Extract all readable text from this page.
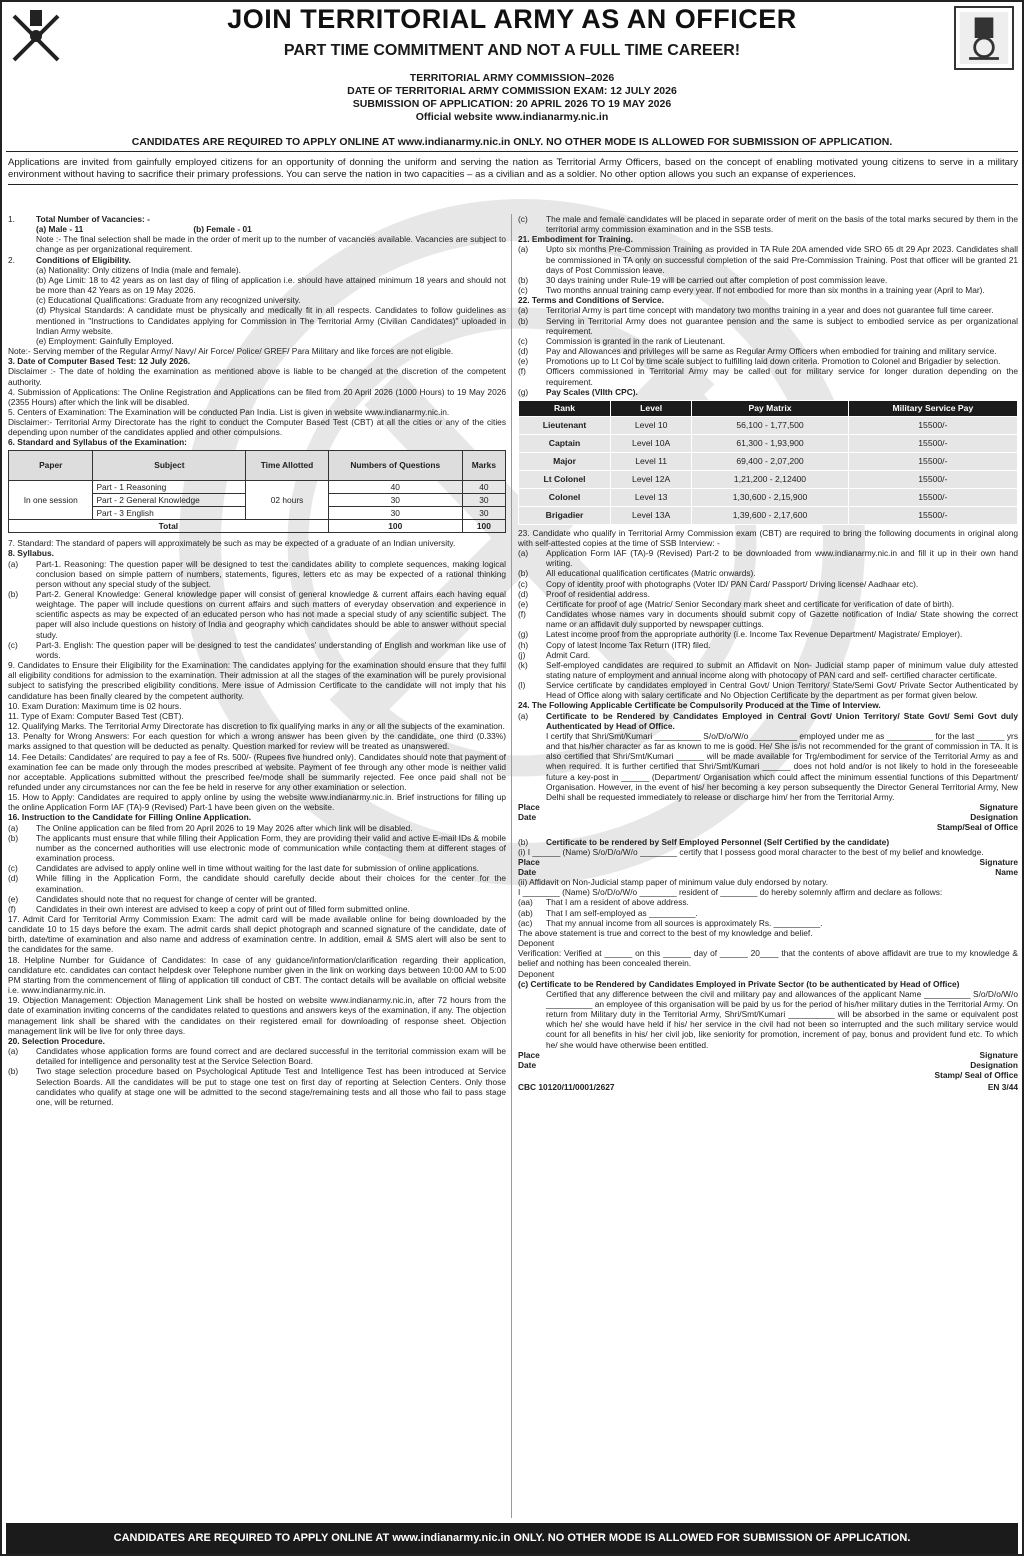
JOIN TERRITORIAL ARMY AS AN OFFICER
PART TIME COMMITMENT AND NOT A FULL TIME CAREER!
TERRITORIAL ARMY COMMISSION–2026
DATE OF TERRITORIAL ARMY COMMISSION EXAM: 12 JULY 2026
SUBMISSION OF APPLICATION: 20 APRIL 2026 TO 19 MAY 2026
Official website www.indianarmy.nic.in
CANDIDATES ARE REQUIRED TO APPLY ONLINE AT www.indianarmy.nic.in ONLY. NO OTHER MODE IS ALLOWED FOR SUBMISSION OF APPLICATION.
Applications are invited from gainfully employed citizens for an opportunity of donning the uniform and serving the nation as Territorial Army Officers, based on the concept of enabling motivated young citizens to serve in a military environment without having to sacrifice their primary professions. You can serve the nation in two capacities – as a civilian and as a soldier. No other option allows you such an expanse of experiences.
1.	Total Number of Vacancies: -
(a) Male - 11	(b) Female - 01

Note :- The final selection shall be made in the order of merit up to the number of vacancies available. Vacancies are subject to change as per organizational requirement.

2.	Conditions of Eligibility.

(a) Nationality: Only citizens of India (male and female).

(b) Age Limit: 18 to 42 years as on last day of filing of application i.e. should have attained minimum 18 years and should not be more than 42 Years as on 19 May 2026.

(c) Educational Qualifications: Graduate from any recognized university.

(d) Physical Standards: A candidate must be physically and medically fit in all respects. Candidates to follow guidelines as mentioned in "Instructions to Candidates applying for Commission in The Territorial Army (Civilian Candidates)" uploaded in Indian Army website.

(e) Employment: Gainfully Employed.

Note:- Serving member of the Regular Army/ Navy/ Air Force/ Police/ GREF/ Para Military and like forces are not eligible.

3. Date of Computer Based Test: 12 July 2026.

Disclaimer :- The date of holding the examination as mentioned above is liable to be changed at the discretion of the competent authority.

4. Submission of Applications: The Online Registration and Applications can be filed from 20 April 2026 (1000 Hours) to 19 May 2026 (2355 Hours) after which the link will be disabled.

5. Centers of Examination: The Examination will be conducted Pan India. List is given in website www.indianarmy.nic.in.

Disclaimer:- Territorial Army Directorate has the right to conduct the Computer Based Test (CBT) at all the cities or any of the cities depending upon number of the candidates applied and other compulsions.

6. Standard and Syllabus of the Examination:

Paper	Subject	Time Allotted	Numbers of Questions	Marks
In one session	Part - 1 Reasoning	02 hours	40	40
	Part - 2 General Knowledge		30	30
	Part - 3 English		30	30
Total			100	100

7. Standard: The standard of papers will approximately be such as may be expected of a graduate of an Indian university.

8. Syllabus.

(a)	Part-1. Reasoning: The question paper will be designed to test the candidates ability to complete sequences, making logical conclusion based on simple pattern of numbers, statements, figures, letters etc as may be expected of a rational thinking person without any special study of the subject.
(b)	Part-2. General Knowledge: General knowledge paper will consist of general knowledge & current affairs each having equal weightage. The paper will include questions on current affairs and such matters of everyday observation and experience in scientific aspects as may be expected of an educated person who has not made a special study of any scientific subject. The paper will also include questions on history of India and geography which candidates should be able to answer without special study.
(c)	Part-3. English: The question paper will be designed to test the candidates' understanding of English and workman like use of words.

9. Candidates to Ensure their Eligibility for the Examination: The candidates applying for the examination should ensure that they fulfil all eligibility conditions for admission to the examination. Their admission at all the stages of the examination will be purely provisional subject to satisfying the prescribed eligibility conditions. Mere issue of Admission Certificate to the candidate will not imply that his candidature has been finally cleared by the competent authority.

10. Exam Duration: Maximum time is 02 hours.

11. Type of Exam: Computer Based Test (CBT).

12. Qualifying Marks. The Territorial Army Directorate has discretion to fix qualifying marks in any or all the subjects of the examination.

13. Penalty for Wrong Answers: For each question for which a wrong answer has been given by the candidate, one third (0.33%) marks assigned to that question will be deducted as penalty. Question marked for review will be treated as unanswered.

14. Fee Details: Candidates' are required to pay a fee of Rs. 500/- (Rupees five hundred only). Candidates should note that payment of examination fee can be made only through the modes prescribed at website. Payment of fee through any other mode is neither valid nor acceptable. Applications submitted without the prescribed fee/mode shall be summarily rejected. Fee once paid shall not be refunded under any circumstances nor can the fee be held in reserve for any other examination or selection.

15. How to Apply: Candidates are required to apply online by using the website www.indianarmy.nic.in. Brief instructions for filling up the online Application Form IAF (TA)-9 (Revised) Part-1 have been given on the website.

16. Instruction to the Candidate for Filling Online Application.

(a)	The Online application can be filed from 20 April 2026 to 19 May 2026 after which link will be disabled.
(b)	The applicants must ensure that while filling their Application Form, they are providing their valid and active E-mail IDs & mobile number as the concerned authorities will use electronic mode of communication while contacting them at different stages of examination process.
(c)	Candidates are advised to apply online well in time without waiting for the last date for submission of online applications.
(d)	While filling in the Application Form, the candidate should carefully decide about their choices for the center for the examination.
(e)	Candidates should note that no request for change of center will be granted.
(f)	Candidates in their own interest are advised to keep a copy of print out of filled form submitted online.

17. Admit Card for Territorial Army Commission Exam: The admit card will be made available online for being downloaded by the candidate 10 to 15 days before the exam. The admit cards shall depict photograph and scanned signature of the candidate, date of birth, date/time of examination and also name and address of examination centre. In addition, email & SMS alert will also be sent to the candidates for the same.

18. Helpline Number for Guidance of Candidates: In case of any guidance/information/clarification regarding their application, candidature etc. candidates can contact helpdesk over Telephone number given in the link on working days between 10:00 AM to 5:00 PM starting from the commencement of filing of application till conduct of CBT. The contact details will be available on official website i.e. www.indianarmy.nic.in.

19. Objection Management: Objection Management Link shall be hosted on website www.indianarmy.nic.in, after 72 hours from the date of examination inviting concerns of the candidates related to questions and answers keys of the examination, if any. The objection management link shall be shared with the candidates on their registered email for downloading of response sheet. Objection management link will be live for only three days.

20. Selection Procedure.

(a)	Candidates whose application forms are found correct and are declared successful in the territorial commission exam will be detailed for intelligence and personality test at the Service Selection Board.
(b)	Two stage selection procedure based on Psychological Aptitude Test and Intelligence Test has been introduced at Service Selection Boards. All the candidates will be put to stage one test on first day of reporting at Selection Centers. Only those candidates who qualify at stage one will be admitted to the second stage/remaining tests and all those who fail to pass stage one, will be returned.
(c)	The male and female candidates will be placed in separate order of merit on the basis of the total marks secured by them in the territorial army commission examination and in the SSB tests.

21. Embodiment for Training.

(a)	Upto six months Pre-Commission Training as provided in TA Rule 20A amended vide SRO 65 dt 29 Apr 2023. Candidates shall be commissioned in TA only on successful completion of the said Pre-Commission Training. Post that officer will be granted 21 days of Post Commission leave.
(b)	30 days training under Rule-19 will be carried out after completion of post commission leave.
(c)	Two months annual training camp every year. If not embodied for more than six months in a training year (April to Mar).

22. Terms and Conditions of Service.

(a)	Territorial Army is part time concept with mandatory two months training in a year and does not guarantee full time career.
(b)	Serving in Territorial Army does not guarantee pension and the same is subject to embodied service as per organizational requirement.
(c)	Commission is granted in the rank of Lieutenant.
(d)	Pay and Allowances and privileges will be same as Regular Army Officers when embodied for training and military service.
(e)	Promotions up to Lt Col by time scale subject to fulfilling laid down criteria. Promotion to Colonel and Brigadier by selection.
(f)	Officers commissioned in Territorial Army may be called out for military service for longer duration depending on the requirement.
(g)	Pay Scales (VIIth CPC).
Rank	Level	Pay Matrix	Military Service Pay
Lieutenant	Level 10	56,100 - 1,77,500	15500/-
Captain	Level 10A	61,300 - 1,93,900	15500/-
Major	Level 11	69,400 - 2,07,200	15500/-
Lt Colonel	Level 12A	1,21,200 - 2,12400	15500/-
Colonel	Level 13	1,30,600 - 2,15,900	15500/-
Brigadier	Level 13A	1,39,600 - 2,17,600	15500/-

23. Candidate who qualify in Territorial Army Commission exam (CBT) are required to bring the following documents in original along with self-attested copies at the time of SSB Interview: -

(a)	Application Form IAF (TA)-9 (Revised) Part-2 to be downloaded from www.indianarmy.nic.in and fill it up in their own hand writing.
(b)	All educational qualification certificates (Matric onwards).
(c)	Copy of identity proof with photographs (Voter ID/ PAN Card/ Passport/ Driving license/ Aadhaar etc).
(d)	Proof of residential address.
(e)	Certificate for proof of age (Matric/ Senior Secondary mark sheet and certificate for verification of date of birth).
(f)	Candidates whose names vary in documents should submit copy of Gazette notification of India/ State showing the correct name or an affidavit duly supported by newspaper cuttings.
(g)	Latest income proof from the appropriate authority (i.e. Income Tax Revenue Department/ Magistrate/ Employer).
(h)	Copy of latest Income Tax Return (ITR) filed.
(j)	Admit Card.
(k)	Self-employed candidates are required to submit an Affidavit on Non- Judicial stamp paper of minimum value duly attested stating nature of employment and annual income along with photocopy of PAN card and self- certified character certificate.
(l)	Service certificate by candidates employed in Central Govt/ Union Territory/ State/Semi Govt/ Private Sector Authenticated by Head of Office along with salary certificate and No Objection Certificate by the department as per format given below.

24. The Following Applicable Certificate be Compulsorily Produced at the Time of Interview.

(a)	Certificate to be Rendered by Candidates Employed in Central Govt/ Union Territory/ State Govt/ Semi Govt duly Authenticated by Head of Office.

I certify that Shri/Smt/Kumari __________ S/o/D/o/W/o __________ employed under me as __________ for the last ______ yrs and that his/her character as far as known to me is good. He/ She is/is not recommended for the grant of commission in TA. It is also certified that Shri/Smt/Kumari ______ will be made available for Trg/embodiment for service of the Territorial Army as and when required. It is further certified that Shri/Smt/Kumari ______ does not hold and/or is not likely to hold in the foreseeable future a key-post in ______ (Department/ Organisation which could affect the minimum essential functions of this Department/ Organisation. However, in the event of his/ her becoming a key person subsequently the Director General Territorial Army, New Delhi shall be requested immediately to release or discharge him/ her from the Territorial Army.

Place	Signature
Date	Designation
Stamp/Seal of Office
(b)	Certificate to be rendered by Self Employed Personnel (Self Certified by the candidate)

(i) I ______ (Name) S/o/D/o/W/o ________ certify that I possess good moral character to the best of my belief and knowledge.

Place	Signature
Date	Name

(ii) Affidavit on Non-Judicial stamp paper of minimum value duly endorsed by notary.

I ________ (Name) S/o/D/o/W/o ________ resident of ________ do hereby solemnly affirm and declare as follows:

(aa)	That I am a resident of above address.
(ab)	That I am self-employed as __________.
(ac)	That my annual income from all sources is approximately Rs. __________.

The above statement is true and correct to the best of my knowledge and belief.

Deponent

Verification: Verified at ______ on this ______ day of ______ 20____ that the contents of above affidavit are true to my knowledge & belief and nothing has been concealed therein.

Deponent

(c) Certificate to be Rendered by Candidates Employed in Private Sector (to be authenticated by Head of Office)

Certified that any difference between the civil and military pay and allowances of the applicant Name __________ S/o/D/o/W/o __________ an employee of this organisation will be paid by us for the period of his/her military duties in the Territorial Army. On return from Military duty in the Territorial Army, Shri/Smt/Kumari __________ will be absorbed in the same or equivalent post which he/ she would have held if his/ her service in the civil had not been so interrupted and the such military service would count for all benefits in his/ her civil job, like seniority for promotion, increment of pay, bonus and provident fund etc. To which he/ she would have otherwise been entitled.

Place	Signature
Date	Designation
Stamp/ Seal of Office
CBC 10120/11/0001/2627	EN 3/44
CANDIDATES ARE REQUIRED TO APPLY ONLINE AT www.indianarmy.nic.in ONLY. NO OTHER MODE IS ALLOWED FOR SUBMISSION OF APPLICATION.
